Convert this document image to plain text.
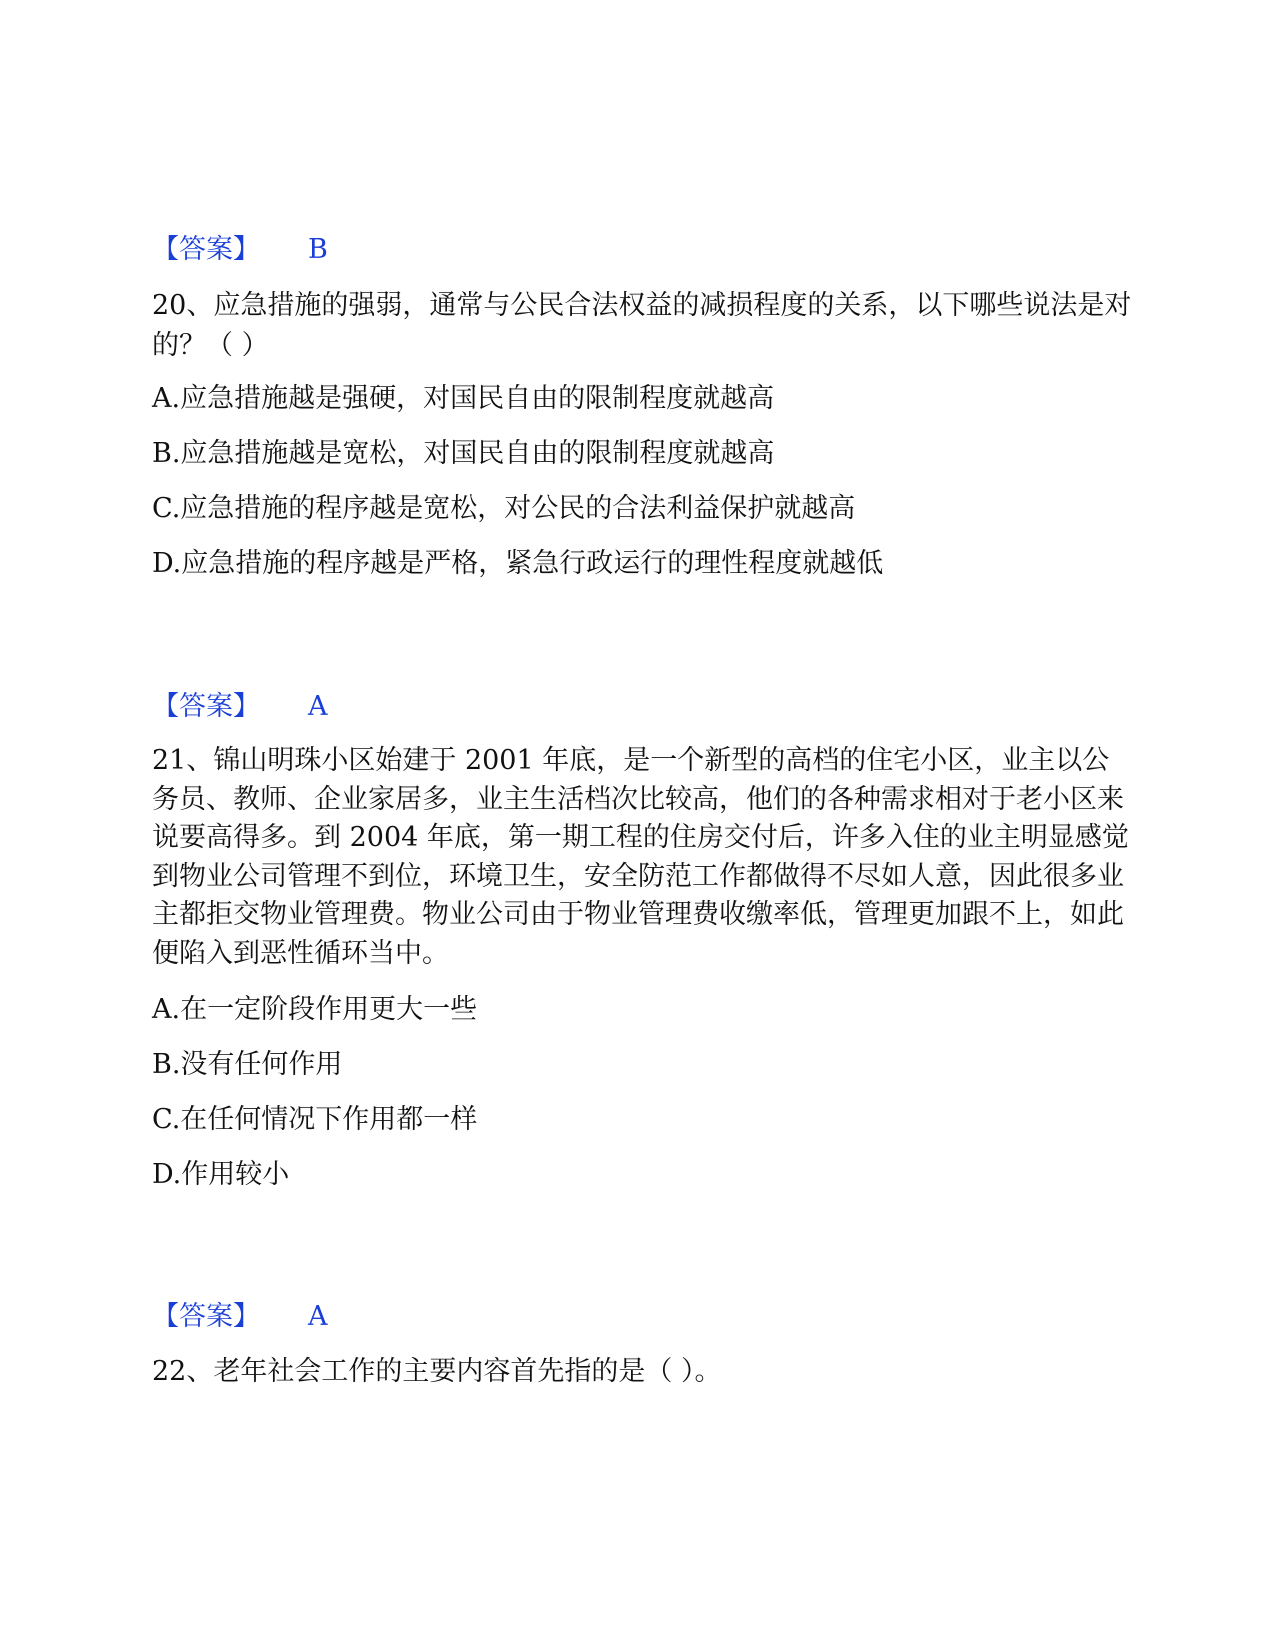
【答案】 B
20、应急措施的强弱，通常与公民合法权益的减损程度的关系，以下哪些说法是对的？（ ）
A.应急措施越是强硬，对国民自由的限制程度就越高
B.应急措施越是宽松，对国民自由的限制程度就越高
C.应急措施的程序越是宽松，对公民的合法利益保护就越高
D.应急措施的程序越是严格，紧急行政运行的理性程度就越低
【答案】 A
21、锦山明珠小区始建于 2001 年底，是一个新型的高档的住宅小区，业主以公务员、教师、企业家居多，业主生活档次比较高，他们的各种需求相对于老小区来说要高得多。到 2004 年底，第一期工程的住房交付后，许多入住的业主明显感觉到物业公司管理不到位，环境卫生，安全防范工作都做得不尽如人意，因此很多业主都拒交物业管理费。物业公司由于物业管理费收缴率低，管理更加跟不上，如此便陷入到恶性循环当中。
A.在一定阶段作用更大一些
B.没有任何作用
C.在任何情况下作用都一样
D.作用较小
【答案】 A
22、老年社会工作的主要内容首先指的是（ ）。
